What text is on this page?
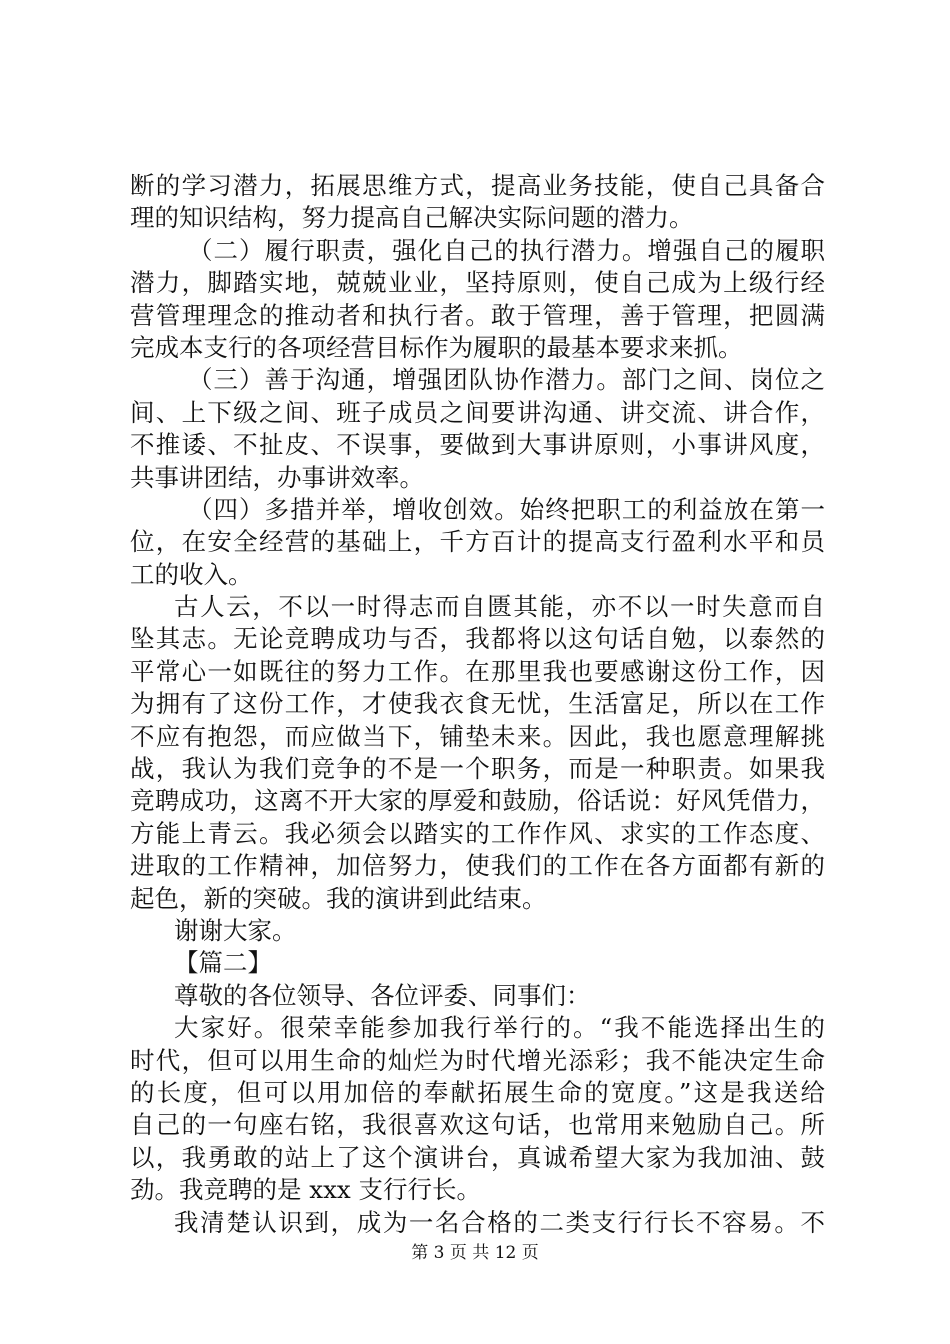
断的学习潜力，拓展思维方式，提高业务技能，使自己具备合
理的知识结构，努力提高自己解决实际问题的潜力。
（二）履行职责，强化自己的执行潜力。增强自己的履职
潜力，脚踏实地，兢兢业业，坚持原则，使自己成为上级行经
营管理理念的推动者和执行者。敢于管理，善于管理，把圆满
完成本支行的各项经营目标作为履职的最基本要求来抓。
（三）善于沟通，增强团队协作潜力。部门之间、岗位之
间、上下级之间、班子成员之间要讲沟通、讲交流、讲合作，
不推诿、不扯皮、不误事，要做到大事讲原则，小事讲风度，
共事讲团结，办事讲效率。
（四）多措并举，增收创效。始终把职工的利益放在第一
位，在安全经营的基础上，千方百计的提高支行盈利水平和员
工的收入。
古人云，不以一时得志而自匮其能，亦不以一时失意而自
坠其志。无论竞聘成功与否，我都将以这句话自勉，以泰然的
平常心一如既往的努力工作。在那里我也要感谢这份工作，因
为拥有了这份工作，才使我衣食无忧，生活富足，所以在工作
不应有抱怨，而应做当下，铺垫未来。因此，我也愿意理解挑
战，我认为我们竞争的不是一个职务，而是一种职责。如果我
竞聘成功，这离不开大家的厚爱和鼓励，俗话说：好风凭借力，
方能上青云。我必须会以踏实的工作作风、求实的工作态度、
进取的工作精神，加倍努力，使我们的工作在各方面都有新的
起色，新的突破。我的演讲到此结束。
谢谢大家。
【篇二】
尊敬的各位领导、各位评委、同事们：
大家好。很荣幸能参加我行举行的。“我不能选择出生的
时代，但可以用生命的灿烂为时代增光添彩；我不能决定生命
的长度，但可以用加倍的奉献拓展生命的宽度。”这是我送给
自己的一句座右铭，我很喜欢这句话，也常用来勉励自己。所
以，我勇敢的站上了这个演讲台，真诚希望大家为我加油、鼓
劲。我竞聘的是 xxx 支行行长。
我清楚认识到，成为一名合格的二类支行行长不容易。不
第 3 页 共 12 页
